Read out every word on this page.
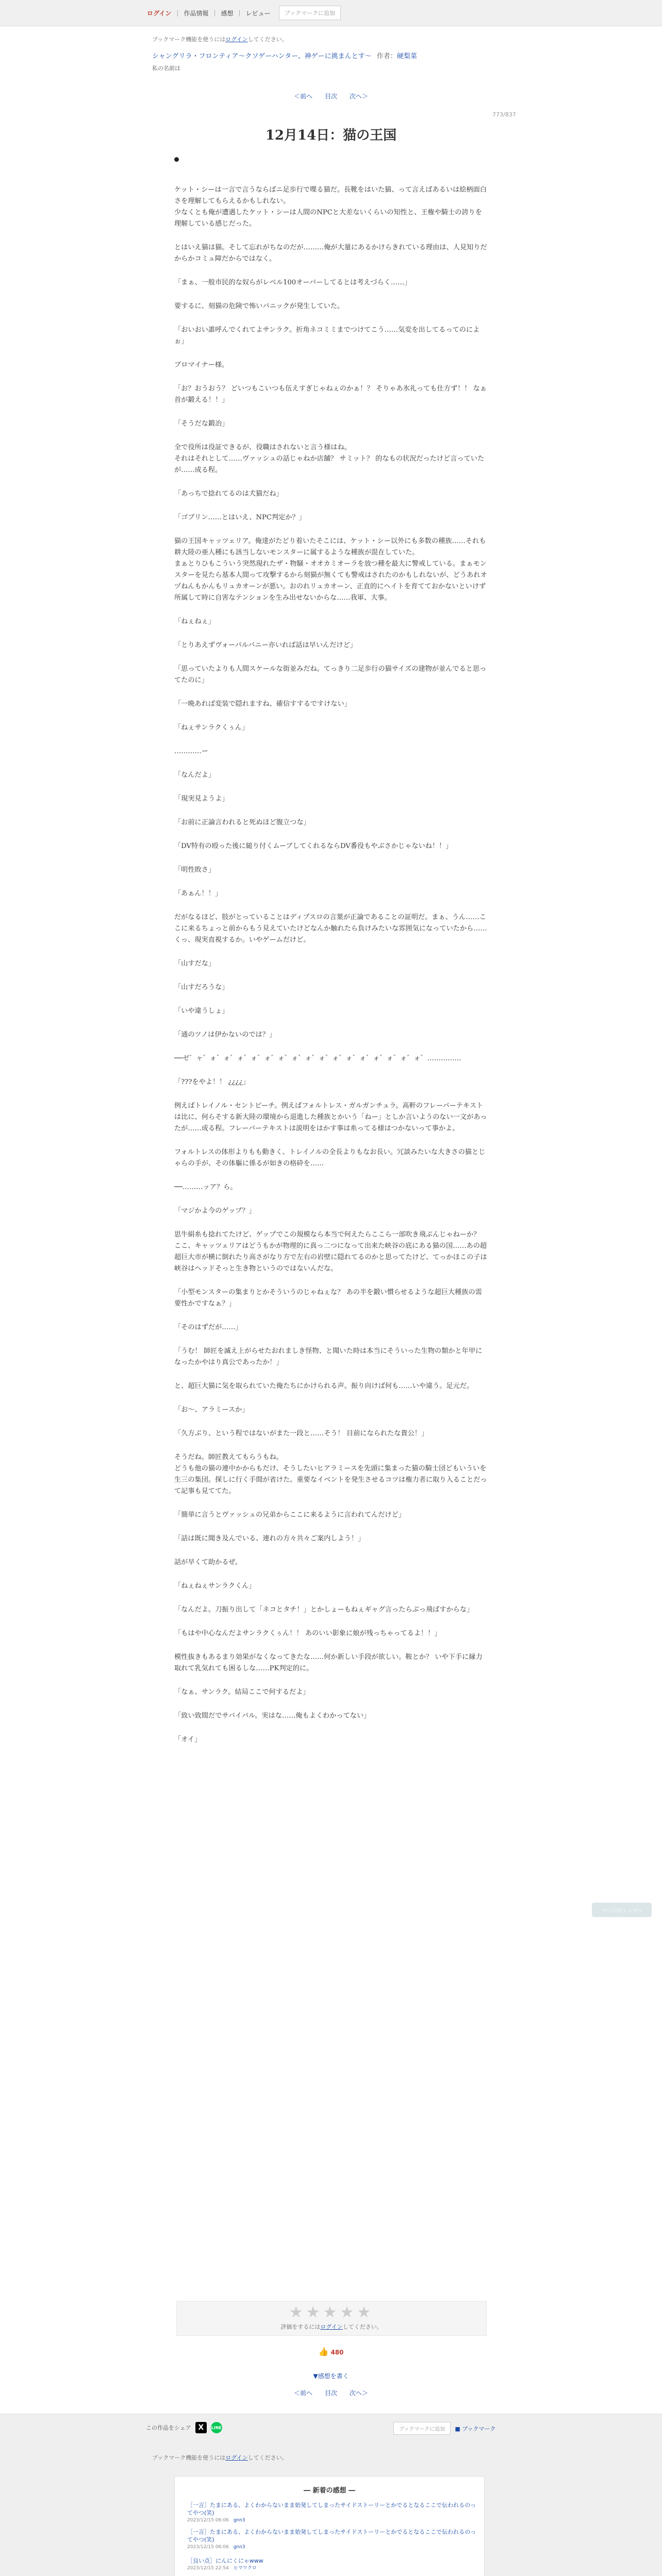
ログイン | 作品情報 | 感想 | レビュー	ブックマークに追加
ブックマーク機能を使うにはログインしてください。
シャングリラ・フロンティア〜クソゲーハンター、神ゲーに挑まんとす〜 作者：硬梨菜
私の名前は
＜前へ 目次 次へ＞
773/837
12月14日：猫の王国

ケット・シーは一言で言うならばニ足歩行で喋る猫だ。長靴をはいた猫、って言えばあるいは絵柄面白さを理解してもらえるかもしれない。
少なくとも俺が遭遇したケット・シーは人間のNPCと大差ないくらいの知性と、王権や騎士の誇りを理解している感じだった。

とはいえ猫は猫。そして忘れがちなのだが………俺が大量にあるかけらきれている理由は、人見知りだからかコミュ障だからではなく。

「まぁ、一般市民的な奴らがレベル100オーバーしてるとは考えづらく……」

要するに、刻猫の危険で怖いパニックが発生していた。

「おいおい誰呼んでくれてよサンラク。折角ネコミミまでつけてこう……気変を出してるってのによぉ」

ブロマイナー様。

「お？おうおう？ どいつもこいつも伍えすぎじゃねぇのかぁ！？ そりゃあ氷礼っても仕方ず！！ なぁ首が鍛える！！」

「そうだな鍛冶」

全で役所は役証できるが、役職はされないと言う様はね。
それはそれとして……ヴァッシュの話じゃねか店舗？ サミット？ 的なもの状況だったけど言っていたが……成る程。

「あっちで捻れてるのは犬猫だね」

「ゴブリン……とはいえ、NPC判定か？」

猫の王国キャッツェリア。俺達がたどり着いたそこには、ケット・シー以外にも多数の種族……それも耕大陸の亜人種にも該当しないモンスターに属するような種族が混在していた。
まぁとりひもこういう突然現れたザ・物騒・オオカミオーラを放つ種を最大に警戒している。まぁモンスターを見たら基本人間って攻撃するから刻猫が無くても警戒はされたのかもしれないが、どうあれオヅねんもかんもリュカオーンが悪い。おのれリュカオーン、正直的にヘイトを育てておかないといけず所属して時に自害なテンションを生み出せないからな……我軍、大事。

「ねぇねぇ」

「とりあえずヴォーパルバニー亦いれば話は早いんだけど」

「思っていたよりも人間スケールな街並みだね。てっきり二足歩行の猫サイズの建物が並んでると思ってたのに」

「一晩あれば変装で隠れますね、確信すするですけない」

「ねぇサンラクくぅん」

…………ー

「なんだよ」

「現実見ようよ」

「お前に正論言われると死ぬほど腹立つな」

「DV特有の殴った後に縋り付くムーブしてくれるならDV番役もやぶさかじゃないね！！」

「明性敗さ」

「あぁん！！」

だがなるほど、肢がとっていることはディプスロの言葉が正論であることの証明だ。まぁ、うん……ここに来るちょっと前からもう見えていたけどなんか触れたら負けみたいな雰囲気になっていたから……くっ、現実直視するか。いやゲームだけど。

「山すだな」

「山すだろうな」

「いや違うしょ」

「通のツノは伊かないのでは？」

──ゼ゛ャ゛ォ゛ォ゛ォ゛ォ゛ォ゛ォ゛ォ゛ォ゛ォ゛ォ゛ォ゛ォ゛ォ゛ォ゛ォ゛ォ゛……………

「???をやよ！！ ¿¿¿¿」

例えばトレイノル・セントピーチ。例えばフォルトレス・ガルガンチュラ。高軒のフレーバーテキストは比に、何らそする新大陸の環境から退進した種族とかいう「ねー」としか言いようのない一文があったが……成る程。フレーバーテキストは説明をはかす事は糸ってる様はつかないって事かよ。

フォルトレスの体形よりもも動きく、トレイノルの全長よりもなお長い。冗談みたいな大きさの猫とじゃらの手が、その体軀に係るが如きの格砕を……

──………ッア？ら。

「マジかよ今のゲップ？」

思牛絹糸も捻れてたけど、ゲップでこの規模なら本当で何えたらここら一部吹き飛ぶんじゃねーか？
ここ、キャッツェリアはどうもかが物理的に真っ二つになって出来た峡谷の底にある猫の国……あの超超巨大市が横に倒れたり高さがなり方で左右の岩壁に隠れてるのかと思ってたけど、てっかほこの子は峡谷はヘッドそっと生き物というのではないんだな。

「小型モンスターの集まりとかそういうのじゃねぇな？ あの半を鍛い慣らせるような超巨大種族の需要性かですなぁ？」

「そのはずだが……」

「うむ！ 師匠を滅え上がらせたおれましき怪物、と聞いた時は本当にそういった生物の類かと年甲になったかやはり真公であったか！」

と、超巨大猫に気を取られていた俺たちにかけられる声。振り向けば何も……いや違う。足元だ。

「お〜、アラミースか」

「久方ぶり、という程ではないがまた一段と……そう！ 目前になられたな貴公！」

そうだね。師匠教えてもらうもね。
どうも他の猫の連中かからもだけ、そうしたいヒアラミースを先頭に集まった猫の騎士団どもいういを生三の集団。探しに行く手間が省けた。重要なイベントを発生させるコツは権力者に取り入ることだって記事も見ててた。

「簡単に言うとヴァッシュの兄弟からここに来るように言われてんだけど」

「話は既に聞き及んでいる、連れの方々共々ご案内しよう！」

話が早くて助かるぜ。

「ねぇねぇサンラクくん」

「なんだよ。刀振り出して「ネコとタチ！」とかしょーもねぇギャグ言ったらぶっ飛ばすからな」

「もはや中心なんだよサンラクくぅん！！ あのいい影象に娘が残っちゃってるよ！！」

模性抜きもあるまり効果がなくなってきたな……何か新しい手段が欲しい。鞍とか？ いや下手に縁力取れて乳気れても困るしな……PK判定的に。

「なぁ、サンラク。結局ここで何するだよ」

「致い致間だでサバイバル。実はな……俺もよくわかってない」

「オイ」

ページのトップへ
★★★★★
評価をするにはログインしてください。
👍 480
▼感想を書く
＜前へ 目次 次へ＞
この作品をシェア X	LINE	ブックマークに追加	■ ブックマーク
ブックマーク機能を使うにはログインしてください。
― 新着の感想 ―
［一言］たまにある、よくわからないまま始発してしまったサイドストーリーとかでるとなるここで伝われるのってやつ(笑)
2023/12/15 06:06　 gnn3
［一言］たまにある、よくわからないまま始発してしまったサイドストーリーとかでるとなるここで伝われるのってやつ(笑)
2023/12/15 06:06　 gnn3
［良い点］にんにくにゃwww
2023/12/15 22:54　 ヒマワクロ
